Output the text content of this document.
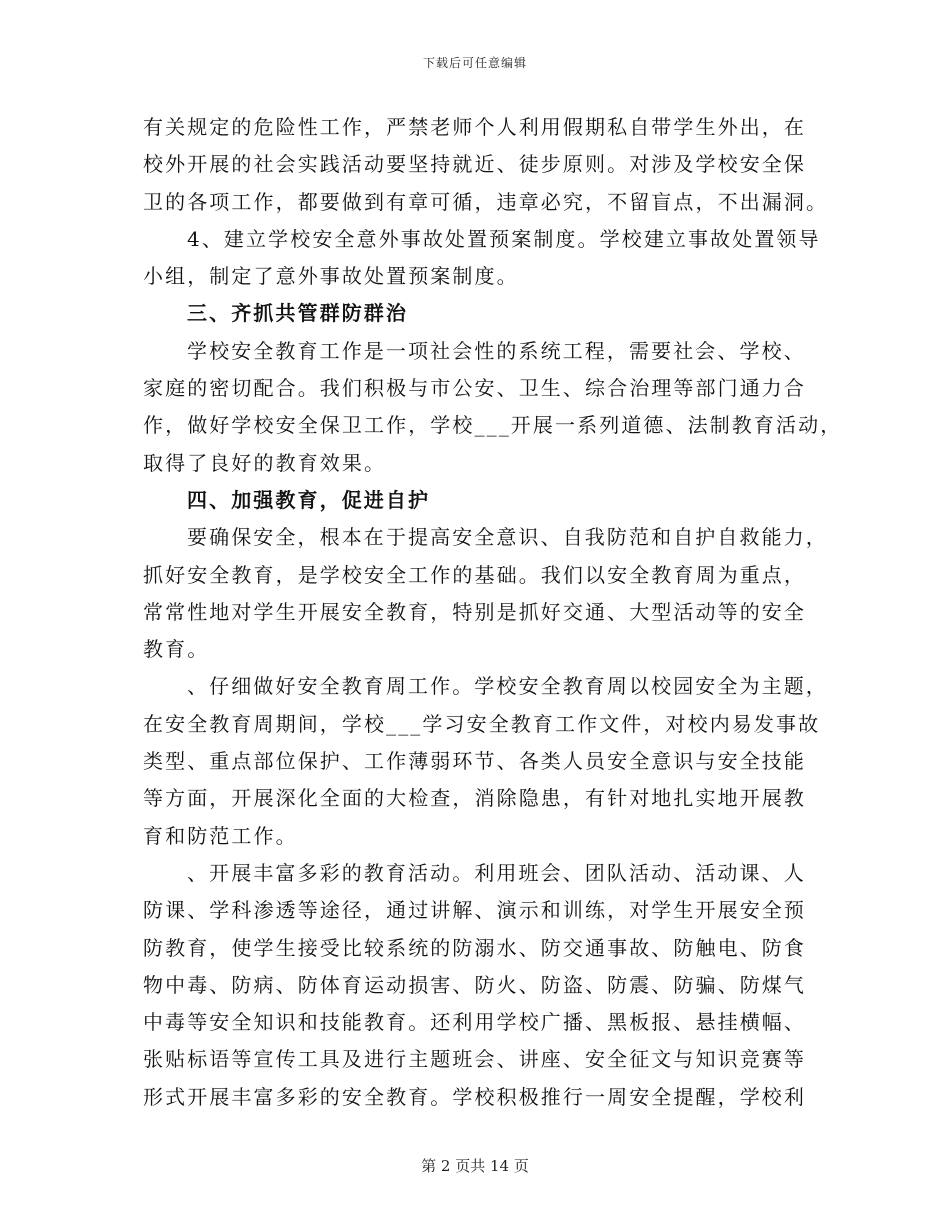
下载后可任意编辑
有关规定的危险性工作，严禁老师个人利用假期私自带学生外出，在
校外开展的社会实践活动要坚持就近、徒步原则。对涉及学校安全保
卫的各项工作，都要做到有章可循，违章必究，不留盲点，不出漏洞。
4、建立学校安全意外事故处置预案制度。学校建立事故处置领导
小组，制定了意外事故处置预案制度。
三、齐抓共管群防群治
学校安全教育工作是一项社会性的系统工程，需要社会、学校、
家庭的密切配合。我们积极与市公安、卫生、综合治理等部门通力合
作，做好学校安全保卫工作，学校___开展一系列道德、法制教育活动，
取得了良好的教育效果。
四、加强教育，促进自护
要确保安全，根本在于提高安全意识、自我防范和自护自救能力，
抓好安全教育，是学校安全工作的基础。我们以安全教育周为重点，
常常性地对学生开展安全教育，特别是抓好交通、大型活动等的安全
教育。
、仔细做好安全教育周工作。学校安全教育周以校园安全为主题，
在安全教育周期间，学校___学习安全教育工作文件，对校内易发事故
类型、重点部位保护、工作薄弱环节、各类人员安全意识与安全技能
等方面，开展深化全面的大检查，消除隐患，有针对地扎实地开展教
育和防范工作。
、开展丰富多彩的教育活动。利用班会、团队活动、活动课、人
防课、学科渗透等途径，通过讲解、演示和训练，对学生开展安全预
防教育，使学生接受比较系统的防溺水、防交通事故、防触电、防食
物中毒、防病、防体育运动损害、防火、防盗、防震、防骗、防煤气
中毒等安全知识和技能教育。还利用学校广播、黑板报、悬挂横幅、
张贴标语等宣传工具及进行主题班会、讲座、安全征文与知识竞赛等
形式开展丰富多彩的安全教育。学校积极推行一周安全提醒，学校利
第 2 页共 14 页
